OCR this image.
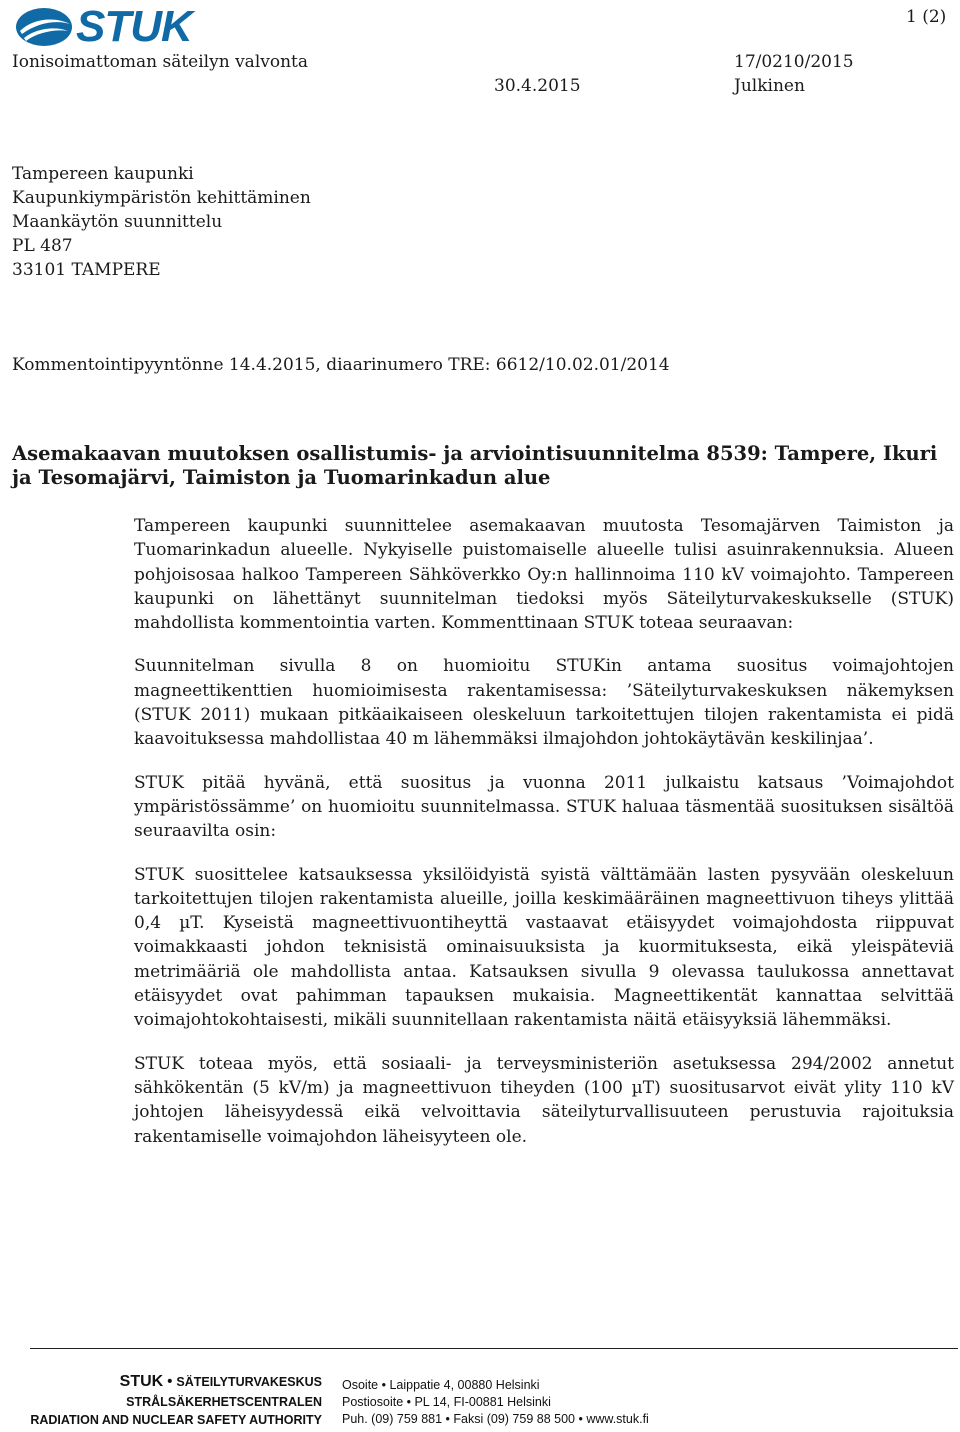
STUK	1 (2)
Ionisoimattoman säteilyn valvonta	17/0210/2015
30.4.2015	Julkinen
Tampereen kaupunki
Kaupunkiympäristön kehittäminen
Maankäytön suunnittelu
PL 487
33101 TAMPERE
Kommentointipyyntönne 14.4.2015, diaarinumero TRE: 6612/10.02.01/2014
Asemakaavan muutoksen osallistumis- ja arviointisuunnitelma 8539: Tampere, Ikuri ja Tesomajärvi, Taimiston ja Tuomarinkadun alue

Tampereen kaupunki suunnittelee asemakaavan muutosta Tesomajärven Taimiston ja Tuomarinkadun alueelle. Nykyiselle puistomaiselle alueelle tulisi asuinrakennuksia. Alueen pohjoisosaa halkoo Tampereen Sähköverkko Oy:n hallinnoima 110 kV voimajohto. Tampereen kaupunki on lähettänyt suunnitelman tiedoksi myös Säteilyturvakeskukselle (STUK) mahdollista kommentointia varten. Kommenttinaan STUK toteaa seuraavan:

Suunnitelman sivulla 8 on huomioitu STUKin antama suositus voimajohtojen magneettikenttien huomioimisesta rakentamisessa: ’Säteilyturvakeskuksen näkemyksen (STUK 2011) mukaan pitkäaikaiseen oleskeluun tarkoitettujen tilojen rakentamista ei pidä kaavoituksessa mahdollistaa 40 m lähemmäksi ilmajohdon johtokäytävän keskilinjaa’.

STUK pitää hyvänä, että suositus ja vuonna 2011 julkaistu katsaus ’Voimajohdot ympäristössämme’ on huomioitu suunnitelmassa. STUK haluaa täsmentää suosituksen sisältöä seuraavilta osin:

STUK suosittelee katsauksessa yksilöidyistä syistä välttämään lasten pysyvään oleskeluun tarkoitettujen tilojen rakentamista alueille, joilla keskimääräinen magneettivuon tiheys ylittää 0,4 µT. Kyseistä magneettivuontiheyttä vastaavat etäisyydet voimajohdosta riippuvat voimakkaasti johdon teknisistä ominaisuuksista ja kuormituksesta, eikä yleispäteviä metrimääriä ole mahdollista antaa. Katsauksen sivulla 9 olevassa taulukossa annettavat etäisyydet ovat pahimman tapauksen mukaisia. Magneettikentät kannattaa selvittää voimajohtokohtaisesti, mikäli suunnitellaan rakentamista näitä etäisyyksiä lähemmäksi.

STUK toteaa myös, että sosiaali- ja terveysministeriön asetuksessa 294/2002 annetut sähkökentän (5 kV/m) ja magneettivuon tiheyden (100 µT) suositusarvot eivät ylity 110 kV johtojen läheisyydessä eikä velvoittavia säteilyturvallisuuteen perustuvia rajoituksia rakentamiselle voimajohdon läheisyyteen ole.

STUK • SÄTEILYTURVAKESKUS
STRÅLSÄKERHETSCENTRALEN
RADIATION AND NUCLEAR SAFETY AUTHORITY
Osoite • Laippatie 4, 00880 Helsinki
Postiosoite • PL 14, FI-00881 Helsinki
Puh. (09) 759 881 • Faksi (09) 759 88 500 • www.stuk.fi
